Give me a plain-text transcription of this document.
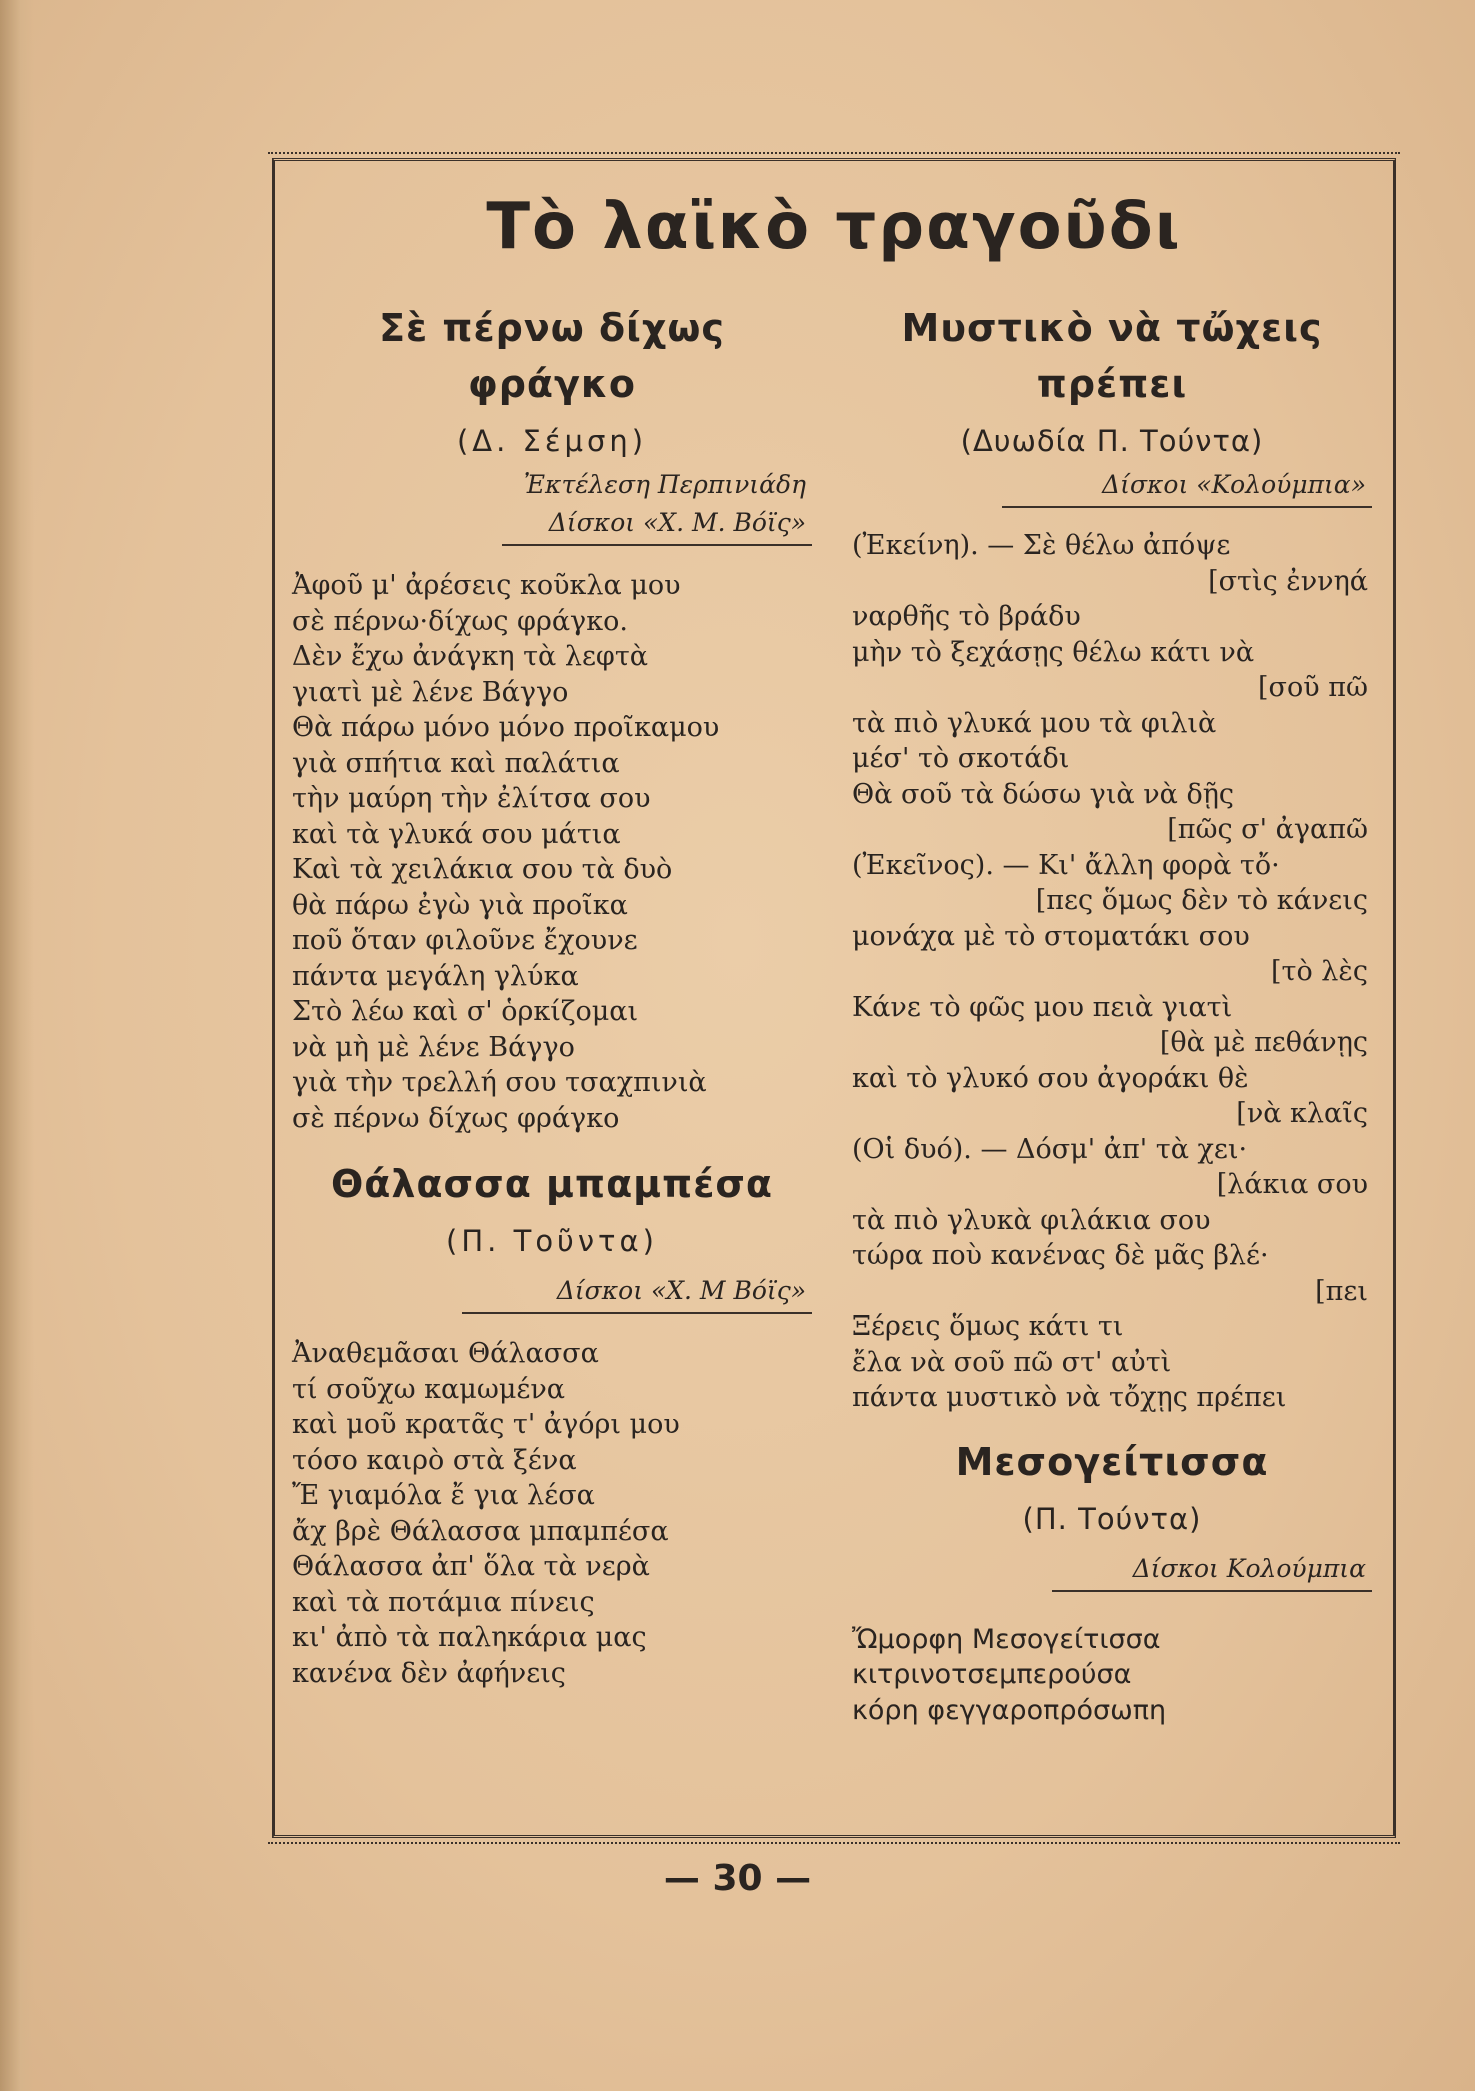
Τὸ λαϊκὸ τραγοῦδι
Σὲ πέρνω δίχως
φράγκο

(Δ. Σέμση)

Ἐκτέλεση Περπινιάδη

Δίσκοι «Χ. Μ. Βόϊς»

Ἀφοῦ μ' ἀρέσεις κοῦκλα μου
σὲ πέρνω·δίχως φράγκο.
Δὲν ἔχω ἀνάγκη τὰ λεφτὰ
γιατὶ μὲ λένε Βάγγο
Θὰ πάρω μόνο μόνο προῖκαμου
γιὰ σπήτια καὶ παλάτια
τὴν μαύρη τὴν ἐλίτσα σου
καὶ τὰ γλυκά σου μάτια
Καὶ τὰ χειλάκια σου τὰ δυὸ
θὰ πάρω ἐγὼ γιὰ προῖκα
ποῦ ὅταν φιλοῦνε ἔχουνε
πάντα μεγάλη γλύκα
Στὸ λέω καὶ σ' ὁρκίζομαι
νὰ μὴ μὲ λένε Βάγγο
γιὰ τὴν τρελλή σου τσαχπινιὰ
σὲ πέρνω δίχως φράγκο
Θάλασσα μπαμπέσα

(Π. Τοῦντα)

Δίσκοι «Χ. Μ Βόϊς»

Ἀναθεμᾶσαι Θάλασσα
τί σοῦχω καμωμένα
καὶ μοῦ κρατᾶς τ' ἀγόρι μου
τόσο καιρὸ στὰ ξένα
Ἔ γιαμόλα ἔ για λέσα
ἄχ βρὲ Θάλασσα μπαμπέσα
Θάλασσα ἀπ' ὅλα τὰ νερὰ
καὶ τὰ ποτάμια πίνεις
κι' ἀπὸ τὰ παληκάρια μας
κανένα δὲν ἀφήνεις
Μυστικὸ νὰ τὤχεις
πρέπει

(Δυωδία Π. Τούντα)

Δίσκοι «Κολούμπια»

(Ἐκείνη). — Σὲ θέλω ἀπόψε
[στὶς ἐννηά
ναρθῆς τὸ βράδυ
μὴν τὸ ξεχάσῃς θέλω κάτι νὰ
[σοῦ πῶ
τὰ πιὸ γλυκά μου τὰ φιλιὰ
μέσ' τὸ σκοτάδι
Θὰ σοῦ τὰ δώσω γιὰ νὰ δῇς
[πῶς σ' ἀγαπῶ
(Ἐκεῖνος). — Κι' ἄλλη φορὰ τὄ·
[πες ὅμως δὲν τὸ κάνεις
μονάχα μὲ τὸ στοματάκι σου
[τὸ λὲς
Κάνε τὸ φῶς μου πειὰ γιατὶ
[θὰ μὲ πεθάνῃς
καὶ τὸ γλυκό σου ἀγοράκι θὲ
[νὰ κλαῖς
(Οἱ δυό). — Δόσμ' ἀπ' τὰ χει·
[λάκια σου
τὰ πιὸ γλυκὰ φιλάκια σου
τώρα ποὺ κανένας δὲ μᾶς βλέ·
[πει
Ξέρεις ὅμως κάτι τι
ἔλα νὰ σοῦ πῶ στ' αὐτὶ
πάντα μυστικὸ νὰ τὄχῃς πρέπει
Μεσογείτισσα

(Π. Τούντα)

Δίσκοι Κολούμπια

Ὤμορφη Μεσογείτισσα
κιτρινοτσεμπερούσα
κόρη φεγγαροπρόσωπη
— 30 —
